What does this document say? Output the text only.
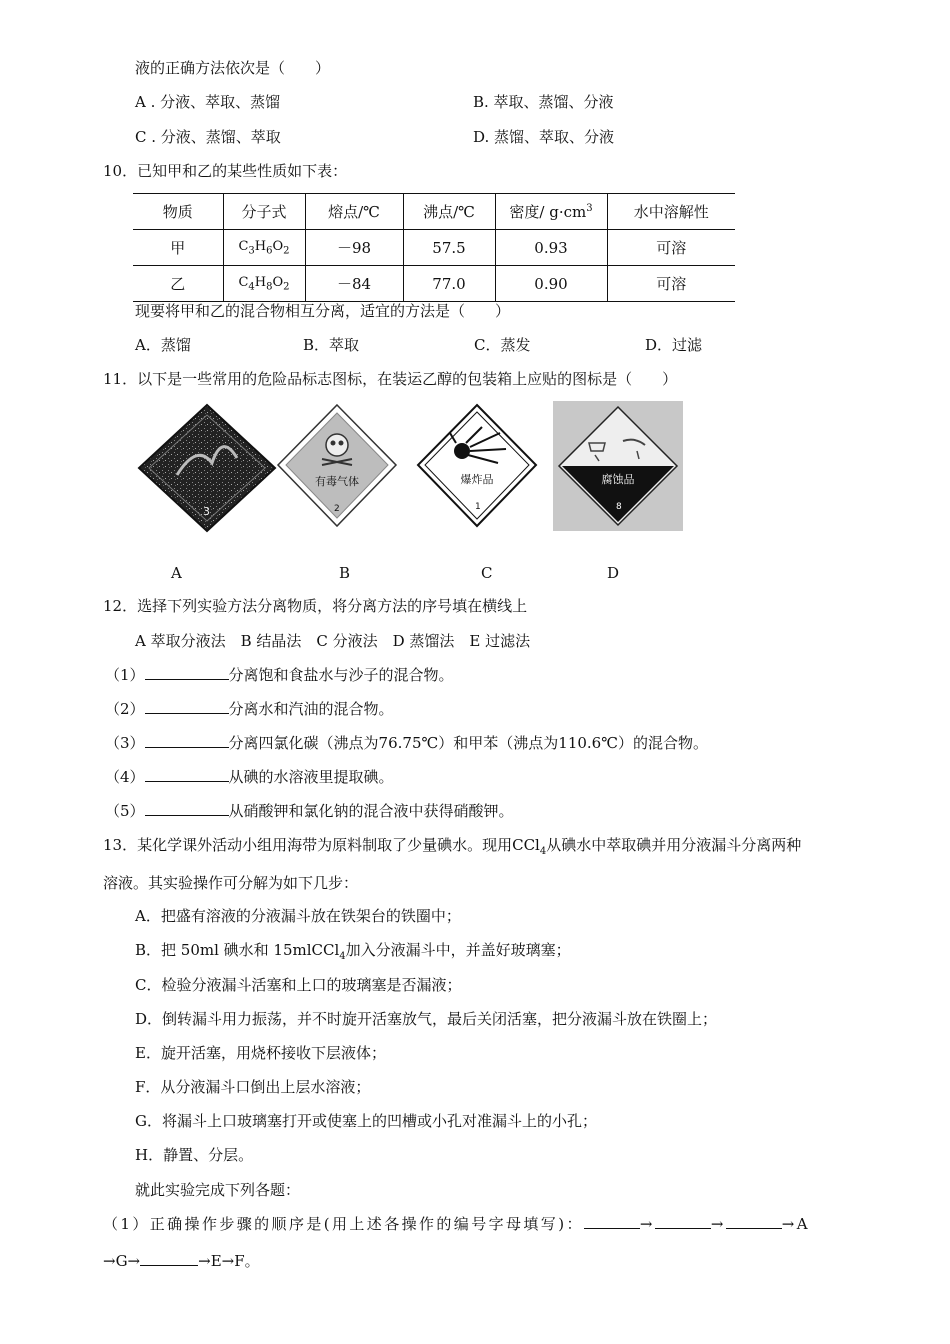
液的正确方法依次是（　　）
A . 分液、萃取、蒸馏	B. 萃取、蒸馏、分液
C . 分液、蒸馏、萃取	D. 蒸馏、萃取、分液
10．已知甲和乙的某些性质如下表：
物质	分子式	熔点/℃	沸点/℃	密度/ $g\cdot cm^3$	水中溶解性
甲	$C_3H_6O_2$	－98	57.5	0.93	可溶
乙	$C_4H_8O_2$	－84	77.0	0.90	可溶
现要将甲和乙的混合物相互分离，适宜的方法是（　　）
A．蒸馏	B．萃取	C．蒸发	D．过滤
11．以下是一些常用的危险品标志图标，在装运乙醇的包装箱上应贴的图标是（　　）
3
有毒气体
2
爆炸品
1
腐蚀品
8
A	B	C	D
12．选择下列实验方法分离物质，将分离方法的序号填在横线上
A 萃取分液法　B 结晶法　C 分液法　D 蒸馏法　E 过滤法
（1）	分离饱和食盐水与沙子的混合物。
（2）	分离水和汽油的混合物。
（3）	分离四氯化碳（沸点为76.75℃）和甲苯（沸点为110.6℃）的混合物。
（4）	从碘的水溶液里提取碘。
（5）	从硝酸钾和氯化钠的混合液中获得硝酸钾。
13．某化学课外活动小组用海带为原料制取了少量碘水。现用CCl$_4$从碘水中萃取碘并用分液漏斗分离两种
溶液。其实验操作可分解为如下几步：
A．把盛有溶液的分液漏斗放在铁架台的铁圈中；
B．把 50ml 碘水和 15mlCCl$_4$加入分液漏斗中，并盖好玻璃塞；
C．检验分液漏斗活塞和上口的玻璃塞是否漏液；
D．倒转漏斗用力振荡，并不时旋开活塞放气，最后关闭活塞，把分液漏斗放在铁圈上；
E．旋开活塞，用烧杯接收下层液体；
F．从分液漏斗口倒出上层水溶液；
G．将漏斗上口玻璃塞打开或使塞上的凹槽或小孔对准漏斗上的小孔；
H．静置、分层。
就此实验完成下列各题：
（1）正确操作步骤的顺序是(用上述各操作的编号字母填写)：	→	→	→A
→G→	→E→F。
